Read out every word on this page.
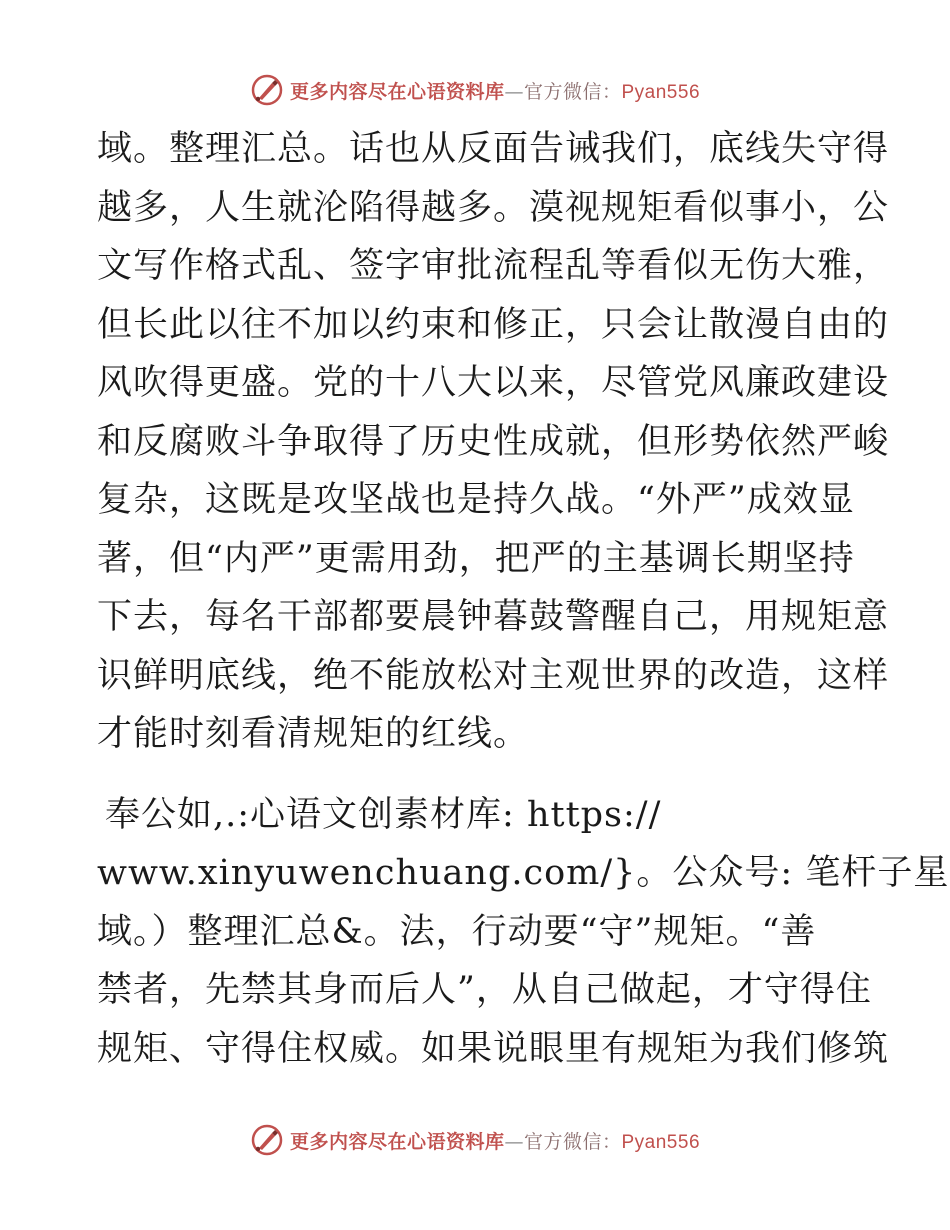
更多内容尽在心语资料库—官方微信：Pyan556
域。整理汇总。话也从反面告诫我们，底线失守得
越多，人生就沦陷得越多。漠视规矩看似事小，公
文写作格式乱、签字审批流程乱等看似无伤大雅，
但长此以往不加以约束和修正，只会让散漫自由的
风吹得更盛。党的十八大以来，尽管党风廉政建设
和反腐败斗争取得了历史性成就，但形势依然严峻
复杂，这既是攻坚战也是持久战。“外严”成效显
著，但“内严”更需用劲，把严的主基调长期坚持
下去，每名干部都要晨钟暮鼓警醒自己，用规矩意
识鲜明底线，绝不能放松对主观世界的改造，这样
才能时刻看清规矩的红线。
奉公如,.:心语文创素材库: https://
www.xinyuwenchuang.com/}。公众号: 笔杆子星
域。）整理汇总&。法，行动要“守”规矩。“善
禁者，先禁其身而后人”，从自己做起，才守得住
规矩、守得住权威。如果说眼里有规矩为我们修筑
更多内容尽在心语资料库—官方微信：Pyan556
